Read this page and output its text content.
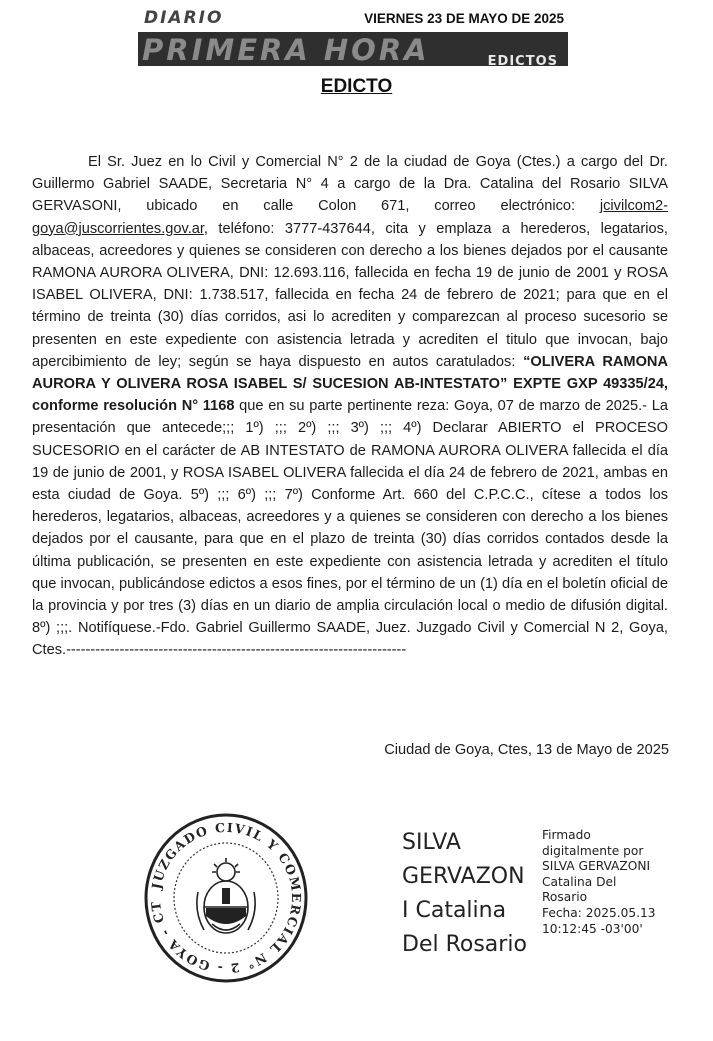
DIARIO	VIERNES 23 DE MAYO DE 2025
PRIMERA HORA	EDICTOS
EDICTO

El Sr. Juez en lo Civil y Comercial N° 2 de la ciudad de Goya (Ctes.) a cargo del Dr. Guillermo Gabriel SAADE, Secretaria N° 4 a cargo de la Dra. Catalina del Rosario SILVA GERVASONI, ubicado en calle Colon 671, correo electrónico: jcivilcom2-goya@juscorrientes.gov.ar, teléfono: 3777-437644, cita y emplaza a herederos, legatarios, albaceas, acreedores y quienes se consideren con derecho a los bienes dejados por el causante RAMONA AURORA OLIVERA, DNI: 12.693.116, fallecida en fecha 19 de junio de 2001 y ROSA ISABEL OLIVERA, DNI: 1.738.517, fallecida en fecha 24 de febrero de 2021; para que en el término de treinta (30) días corridos, asi lo acrediten y comparezcan al proceso sucesorio se presenten en este expediente con asistencia letrada y acrediten el titulo que invocan, bajo apercibimiento de ley; según se haya dispuesto en autos caratulados: “OLIVERA RAMONA AURORA Y OLIVERA ROSA ISABEL S/ SUCESION AB-INTESTATO” EXPTE GXP 49335/24, conforme resolución N° 1168 que en su parte pertinente reza: Goya, 07 de marzo de 2025.- La presentación que antecede;;; 1º) ;;; 2º) ;;; 3º) ;;; 4º) Declarar ABIERTO el PROCESO SUCESORIO en el carácter de AB INTESTATO de RAMONA AURORA OLIVERA fallecida el día 19 de junio de 2001, y ROSA ISABEL OLIVERA fallecida el día 24 de febrero de 2021, ambas en esta ciudad de Goya. 5º) ;;; 6º) ;;; 7º) Conforme Art. 660 del C.P.C.C., cítese a todos los herederos, legatarios, albaceas, acreedores y a quienes se consideren con derecho a los bienes dejados por el causante, para que en el plazo de treinta (30) días corridos contados desde la última publicación, se presenten en este expediente con asistencia letrada y acrediten el título que invocan, publicándose edictos a esos fines, por el término de un (1) día en el boletín oficial de la provincia y por tres (3) días en un diario de amplia circulación local o medio de difusión digital. 8º) ;;;. Notifíquese.-Fdo. Gabriel Guillermo SAADE, Juez. Juzgado Civil y Comercial N 2, Goya, Ctes.----------------------------------------------------------------------

Ciudad de Goya, Ctes, 13 de Mayo de 2025
JUZGADO CIVIL Y COMERCIAL N° 2 - GOYA - CT
SILVA
GERVAZON
I Catalina
Del Rosario
Firmado
digitalmente por
SILVA GERVAZONI
Catalina Del
Rosario
Fecha: 2025.05.13
10:12:45 -03'00'
